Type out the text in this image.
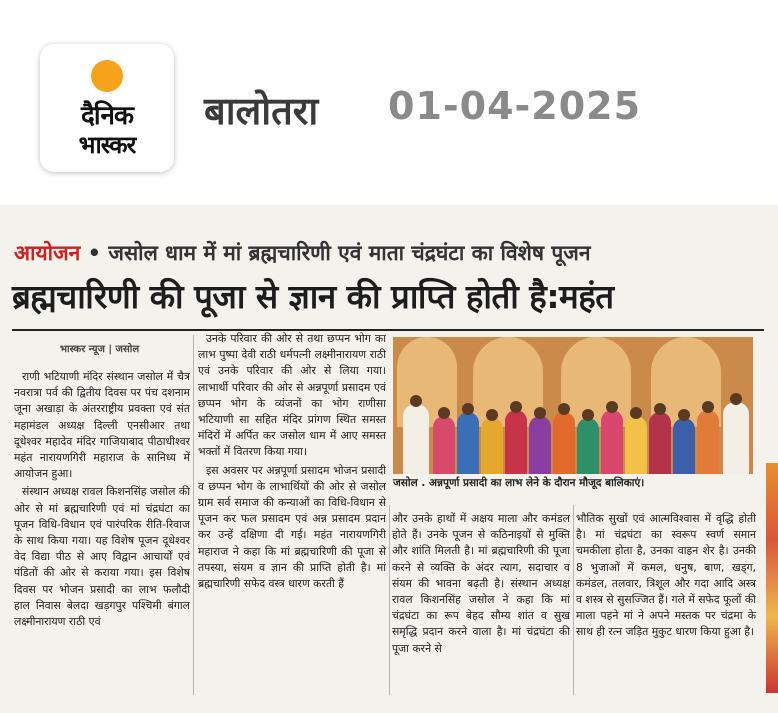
दैनिक
भास्कर
बालोतरा 01-04-2025
आयोजन • जसोल धाम में मां ब्रह्मचारिणी एवं माता चंद्रघंटा का विशेष पूजन
ब्रह्मचारिणी की पूजा से ज्ञान की प्राप्ति होती है:महंत
भास्कर न्यूज | जसोल

राणी भटियाणी मंदिर संस्थान जसोल में चैत्र नवरात्रा पर्व की द्वितीय दिवस पर पंच दशनाम जूना अखाड़ा के अंतरराष्ट्रीय प्रवक्ता एवं संत महामंडल अध्यक्ष दिल्ली एनसीआर तथा दूधेश्वर महादेव मंदिर गाजियाबाद पीठाधीश्वर महंत नारायणगिरी महाराज के सानिध्य में आयोजन हुआ।

संस्थान अध्यक्ष रावल किशनसिंह जसोल की ओर से मां ब्रह्मचारिणी एवं मां चंद्रघंटा का पूजन विधि-विधान एवं पारंपरिक रीति-रिवाज के साथ किया गया। यह विशेष पूजन दूधेश्वर वेद विद्या पीठ से आए विद्वान आचार्यों एवं पंडितों की ओर से कराया गया। इस विशेष दिवस पर भोजन प्रसादी का लाभ फलौदी हाल निवास बेलदा खड़गपुर पश्चिमी बंगाल लक्ष्मीनारायण राठी एवं

उनके परिवार की ओर से तथा छप्पन भोग का लाभ पुष्पा देवी राठी धर्मपत्नी लक्ष्मीनारायण राठी एवं उनके परिवार की ओर से लिया गया। लाभार्थी परिवार की ओर से अन्नपूर्णा प्रसादम एवं छप्पन भोग के व्यंजनों का भोग राणीसा भटियाणी सा सहित मंदिर प्रांगण स्थित समस्त मंदिरों में अर्पित कर जसोल धाम में आए समस्त भक्तों में वितरण किया गया।

इस अवसर पर अन्नपूर्णा प्रसादम भोजन प्रसादी व छप्पन भोग के लाभार्थियों की ओर से जसोल ग्राम सर्व समाज की कन्याओं का विधि-विधान से पूजन कर फल प्रसादम एवं अन्न प्रसादम प्रदान कर उन्हें दक्षिणा दी गई। महंत नारायणगिरी महाराज ने कहा कि मां ब्रह्मचारिणी की पूजा से तपस्या, संयम व ज्ञान की प्राप्ति होती है। मां ब्रह्मचारिणी सफेद वस्त्र धारण करती हैं

जसोल . अन्नपूर्णा प्रसादी का लाभ लेने के दौरान मौजूद बालिकाएं।

और उनके हाथों में अक्षय माला और कमंडल होते हैं। उनके पूजन से कठिनाइयों से मुक्ति और शांति मिलती है। मां ब्रह्मचारिणी की पूजा करने से व्यक्ति के अंदर त्याग, सदाचार व संयम की भावना बढ़ती है। संस्थान अध्यक्ष रावल किशनसिंह जसोल ने कहा कि मां चंद्रघंटा का रूप बेहद सौम्य शांत व सुख समृद्धि प्रदान करने वाला है। मां चंद्रघंटा की पूजा करने से

भौतिक सुखों एवं आत्मविश्वास में वृद्धि होती है। मां चंद्रघंटा का स्वरूप स्वर्ण समान चमकीला होता है, उनका वाहन शेर है। उनकी 8 भुजाओं में कमल, धनुष, बाण, खड्ग, कमंडल, तलवार, त्रिशूल और गदा आदि अस्त्र व शस्त्र से सुसज्जित हैं। गले में सफेद फूलों की माला पहने मां ने अपने मस्तक पर चंद्रमा के साथ ही रत्न जड़ित मुकुट धारण किया हुआ है।
